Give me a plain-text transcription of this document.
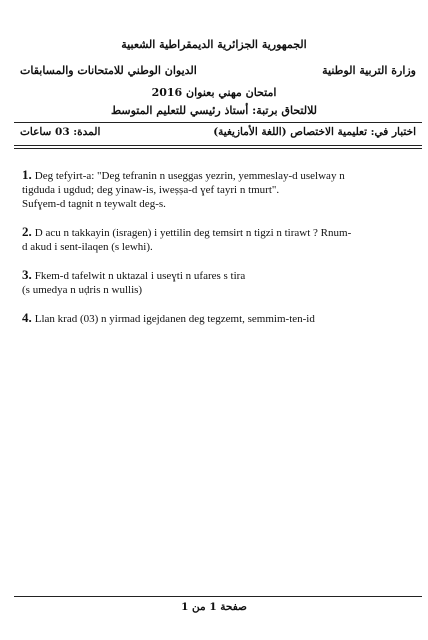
الجمهورية الجزائرية الديمقراطية الشعبية
وزارة التربية الوطنية
الديوان الوطني للامتحانات والمسابقات
امتحان مهني بعنوان 2016
للالتحاق برتبة: أستاذ رئيسي للتعليم المتوسط
اختبار في: تعليمية الاختصاص (اللغة الأمازيغية)
المدة: 03 ساعات
1. Deg tefyirt-a: "Deg tefranin n useggas yezrin, yemmeslay-d uselway n
tigduda i ugdud; deg yinaw-is, iweṣṣa-d ɣef tayri n tmurt".
Sufɣem-d tagnit n teywalt deg-s.
2. D acu n takkayin (isragen) i yettilin deg temsirt n tigzi n tirawt ? Rnum-
d akud i sent-ilaqen (s lewhi).
3. Fkem-d tafelwit n uktazal i useɣti n ufares s tira
(s umedya n uḍris n wullis)
4. Llan krad (03) n yirmad igejdanen deg tegzemt, semmim-ten-id
صفحة 1 من 1
